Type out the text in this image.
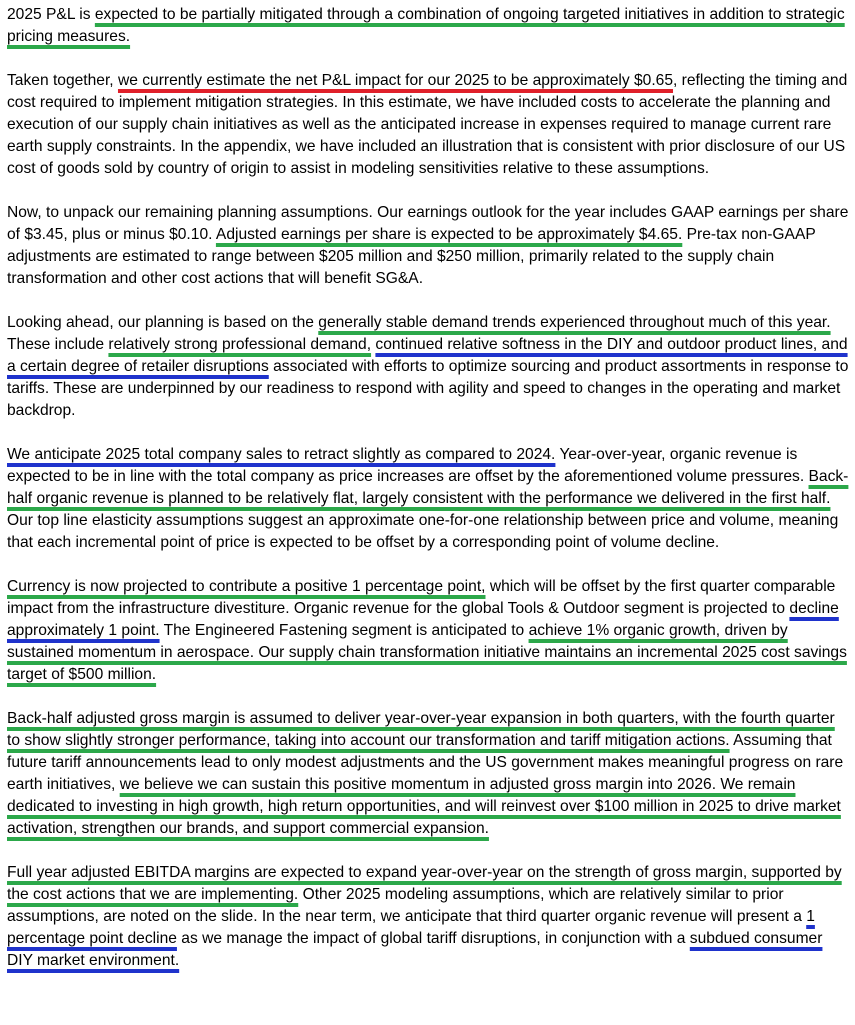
2025 P&L is expected to be partially mitigated through a combination of ongoing targeted initiatives in addition to strategic pricing measures.

Taken together, we currently estimate the net P&L impact for our 2025 to be approximately $0.65, reflecting the timing and cost required to implement mitigation strategies. In this estimate, we have included costs to accelerate the planning and execution of our supply chain initiatives as well as the anticipated increase in expenses required to manage current rare earth supply constraints. In the appendix, we have included an illustration that is consistent with prior disclosure of our US cost of goods sold by country of origin to assist in modeling sensitivities relative to these assumptions.

Now, to unpack our remaining planning assumptions. Our earnings outlook for the year includes GAAP earnings per share of $3.45, plus or minus $0.10. Adjusted earnings per share is expected to be approximately $4.65. Pre-tax non-GAAP adjustments are estimated to range between $205 million and $250 million, primarily related to the supply chain transformation and other cost actions that will benefit SG&A.

Looking ahead, our planning is based on the generally stable demand trends experienced throughout much of this year. These include relatively strong professional demand, continued relative softness in the DIY and outdoor product lines, and a certain degree of retailer disruptions associated with efforts to optimize sourcing and product assortments in response to tariffs. These are underpinned by our readiness to respond with agility and speed to changes in the operating and market backdrop.

We anticipate 2025 total company sales to retract slightly as compared to 2024. Year-over-year, organic revenue is expected to be in line with the total company as price increases are offset by the aforementioned volume pressures. Back-half organic revenue is planned to be relatively flat, largely consistent with the performance we delivered in the first half. Our top line elasticity assumptions suggest an approximate one-for-one relationship between price and volume, meaning that each incremental point of price is expected to be offset by a corresponding point of volume decline.

Currency is now projected to contribute a positive 1 percentage point, which will be offset by the first quarter comparable impact from the infrastructure divestiture. Organic revenue for the global Tools & Outdoor segment is projected to decline approximately 1 point. The Engineered Fastening segment is anticipated to achieve 1% organic growth, driven by sustained momentum in aerospace. Our supply chain transformation initiative maintains an incremental 2025 cost savings target of $500 million.

Back-half adjusted gross margin is assumed to deliver year-over-year expansion in both quarters, with the fourth quarter to show slightly stronger performance, taking into account our transformation and tariff mitigation actions. Assuming that future tariff announcements lead to only modest adjustments and the US government makes meaningful progress on rare earth initiatives, we believe we can sustain this positive momentum in adjusted gross margin into 2026. We remain dedicated to investing in high growth, high return opportunities, and will reinvest over $100 million in 2025 to drive market activation, strengthen our brands, and support commercial expansion.

Full year adjusted EBITDA margins are expected to expand year-over-year on the strength of gross margin, supported by the cost actions that we are implementing. Other 2025 modeling assumptions, which are relatively similar to prior assumptions, are noted on the slide. In the near term, we anticipate that third quarter organic revenue will present a 1 percentage point decline as we manage the impact of global tariff disruptions, in conjunction with a subdued consumer DIY market environment.
